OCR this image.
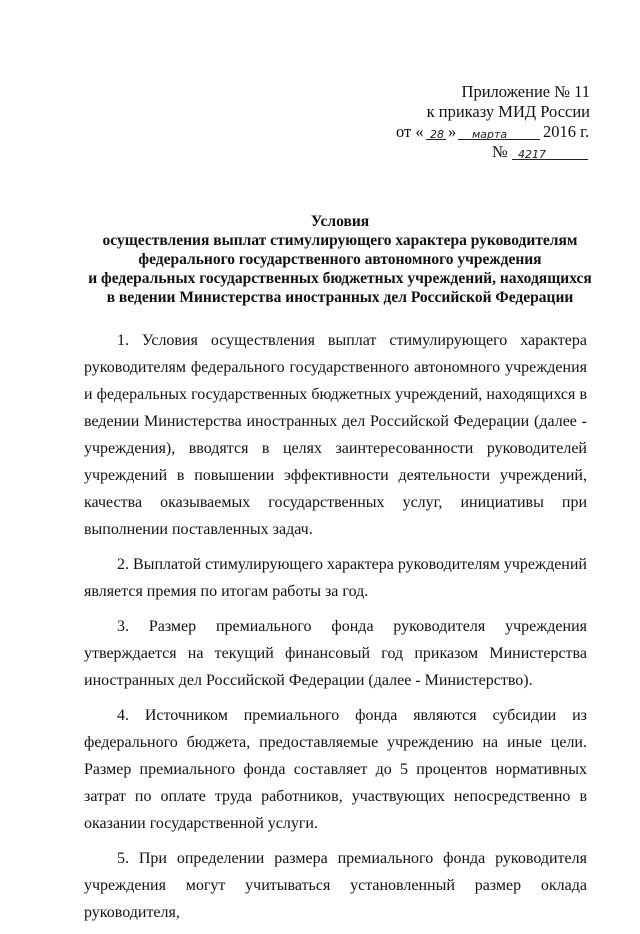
Приложение № 11
к приказу МИД России
от « 28 » марта 2016 г.
№ 4217
Условия
осуществления выплат стимулирующего характера руководителям
федерального государственного автономного учреждения
и федеральных государственных бюджетных учреждений, находящихся
в ведении Министерства иностранных дел Российской Федерации

1. Условия осуществления выплат стимулирующего характера руководителям федерального государственного автономного учреждения и федеральных государственных бюджетных учреждений, находящихся в ведении Министерства иностранных дел Российской Федерации (далее - учреждения), вводятся в целях заинтересованности руководителей учреждений в повышении эффективности деятельности учреждений, качества оказываемых государственных услуг, инициативы при выполнении поставленных задач.

2. Выплатой стимулирующего характера руководителям учреждений является премия по итогам работы за год.

3. Размер премиального фонда руководителя учреждения утверждается на текущий финансовый год приказом Министерства иностранных дел Российской Федерации (далее - Министерство).

4. Источником премиального фонда являются субсидии из федерального бюджета, предоставляемые учреждению на иные цели. Размер премиального фонда составляет до 5 процентов нормативных затрат по оплате труда работников, участвующих непосредственно в оказании государственной услуги.

5. При определении размера премиального фонда руководителя учреждения могут учитываться установленный размер оклада руководителя,
